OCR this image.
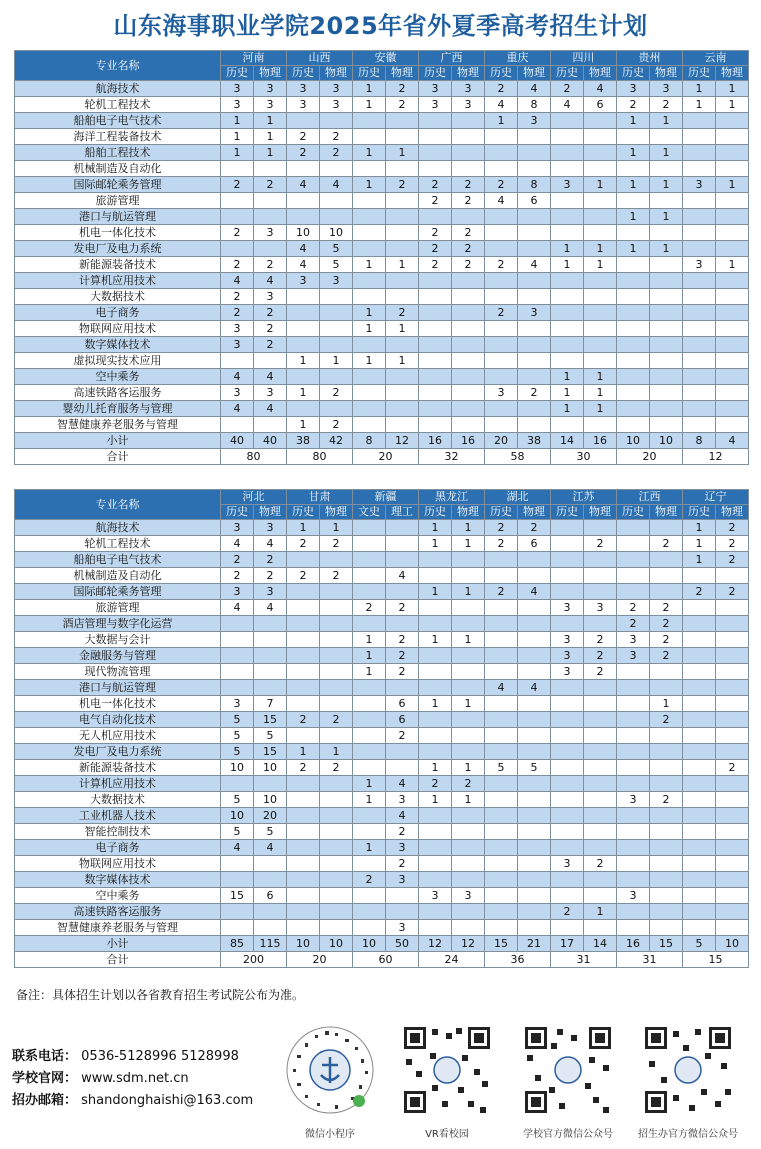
山东海事职业学院2025年省外夏季高考招生计划
专业名称	河南		山西		安徽		广西		重庆		四川		贵州		云南	
	历史	物理	历史	物理	历史	物理	历史	物理	历史	物理	历史	物理	历史	物理	历史	物理
航海技术	3	3	3	3	1	2	3	3	2	4	2	4	3	3	1	1
轮机工程技术	3	3	3	3	1	2	3	3	4	8	4	6	2	2	1	1
船舶电子电气技术	1	1							1	3			1	1		
海洋工程装备技术	1	1	2	2												
船舶工程技术	1	1	2	2	1	1							1	1		
机械制造及自动化																
国际邮轮乘务管理	2	2	4	4	1	2	2	2	2	8	3	1	1	1	3	1
旅游管理							2	2	4	6						
港口与航运管理													1	1		
机电一体化技术	2	3	10	10			2	2								
发电厂及电力系统			4	5			2	2			1	1	1	1		
新能源装备技术	2	2	4	5	1	1	2	2	2	4	1	1			3	1
计算机应用技术	4	4	3	3												
大数据技术	2	3														
电子商务	2	2			1	2			2	3						
物联网应用技术	3	2			1	1										
数字媒体技术	3	2														
虚拟现实技术应用			1	1	1	1										
空中乘务	4	4									1	1				
高速铁路客运服务	3	3	1	2					3	2	1	1				
婴幼儿托育服务与管理	4	4									1	1				
智慧健康养老服务与管理			1	2												
小计	40	40	38	42	8	12	16	16	20	38	14	16	10	10	8	4
合计	80		80		20		32		58		30		20		12	
专业名称	河北		甘肃		新疆		黑龙江		湖北		江苏		江西		辽宁	
	历史	物理	历史	物理	文史	理工	历史	物理	历史	物理	历史	物理	历史	物理	历史	物理
航海技术	3	3	1	1			1	1	2	2					1	2
轮机工程技术	4	4	2	2			1	1	2	6		2		2	1	2
船舶电子电气技术	2	2													1	2
机械制造及自动化	2	2	2	2		4										
国际邮轮乘务管理	3	3					1	1	2	4					2	2
旅游管理	4	4			2	2					3	3	2	2		
酒店管理与数字化运营													2	2		
大数据与会计					1	2	1	1			3	2	3	2		
金融服务与管理					1	2					3	2	3	2		
现代物流管理					1	2					3	2				
港口与航运管理									4	4						
机电一体化技术	3	7				6	1	1						1		
电气自动化技术	5	15	2	2		6								2		
无人机应用技术	5	5				2										
发电厂及电力系统	5	15	1	1												
新能源装备技术	10	10	2	2			1	1	5	5						2
计算机应用技术					1	4	2	2								
大数据技术	5	10			1	3	1	1					3	2		
工业机器人技术	10	20				4										
智能控制技术	5	5				2										
电子商务	4	4			1	3										
物联网应用技术						2					3	2				
数字媒体技术					2	3										
空中乘务	15	6					3	3					3			
高速铁路客运服务											2	1				
智慧健康养老服务与管理						3										
小计	85	115	10	10	10	50	12	12	15	21	17	14	16	15	5	10
合计	200		20		60		24		36		31		31		15	
备注：具体招生计划以各省教育招生考试院公布为准。
联系电话： 0536-5128996 5128998
学校官网： www.sdm.net.cn
招办邮箱： shandonghaishi@163.com
微信小程序	VR看校园	学校官方微信公众号	招生办官方微信公众号
